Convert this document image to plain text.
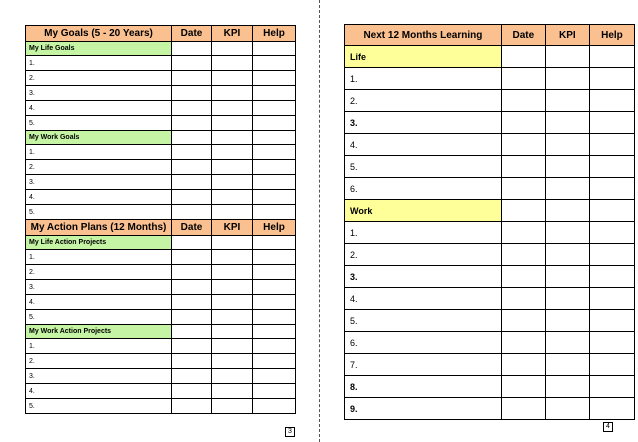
My Goals (5 - 20 Years)	Date	KPI	Help
My Life Goals			
1.			
2.			
3.			
4.			
5.			
My Work Goals			
1.			
2.			
3.			
4.			
5.			
My Action Plans (12 Months)	Date	KPI	Help
My Life Action Projects			
1.			
2.			
3.			
4.			
5.			
My Work Action Projects			
1.			
2.			
3.			
4.			
5.			
3
Next 12 Months Learning	Date	KPI	Help
Life			
1.			
2.			
3.			
4.			
5.			
6.			
Work			
1.			
2.			
3.			
4.			
5.			
6.			
7.			
8.			
9.			
4
